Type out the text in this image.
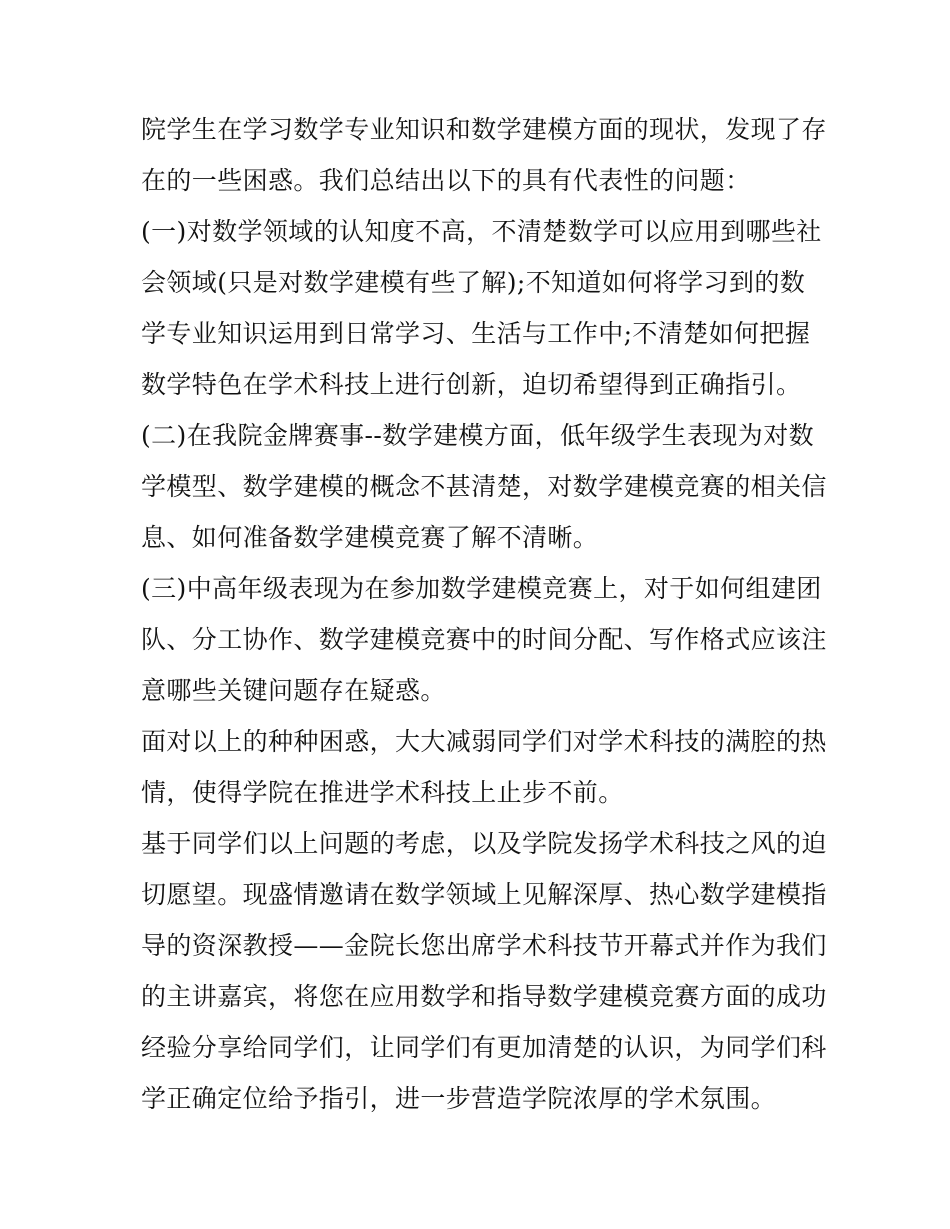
院学生在学习数学专业知识和数学建模方面的现状，发现了存
在的一些困惑。我们总结出以下的具有代表性的问题：
(一)对数学领域的认知度不高，不清楚数学可以应用到哪些社
会领域(只是对数学建模有些了解);不知道如何将学习到的数
学专业知识运用到日常学习、生活与工作中;不清楚如何把握
数学特色在学术科技上进行创新，迫切希望得到正确指引。
(二)在我院金牌赛事--数学建模方面，低年级学生表现为对数
学模型、数学建模的概念不甚清楚，对数学建模竞赛的相关信
息、如何准备数学建模竞赛了解不清晰。
(三)中高年级表现为在参加数学建模竞赛上，对于如何组建团
队、分工协作、数学建模竞赛中的时间分配、写作格式应该注
意哪些关键问题存在疑惑。
面对以上的种种困惑，大大减弱同学们对学术科技的满腔的热
情，使得学院在推进学术科技上止步不前。
基于同学们以上问题的考虑，以及学院发扬学术科技之风的迫
切愿望。现盛情邀请在数学领域上见解深厚、热心数学建模指
导的资深教授——金院长您出席学术科技节开幕式并作为我们
的主讲嘉宾，将您在应用数学和指导数学建模竞赛方面的成功
经验分享给同学们，让同学们有更加清楚的认识，为同学们科
学正确定位给予指引，进一步营造学院浓厚的学术氛围。
